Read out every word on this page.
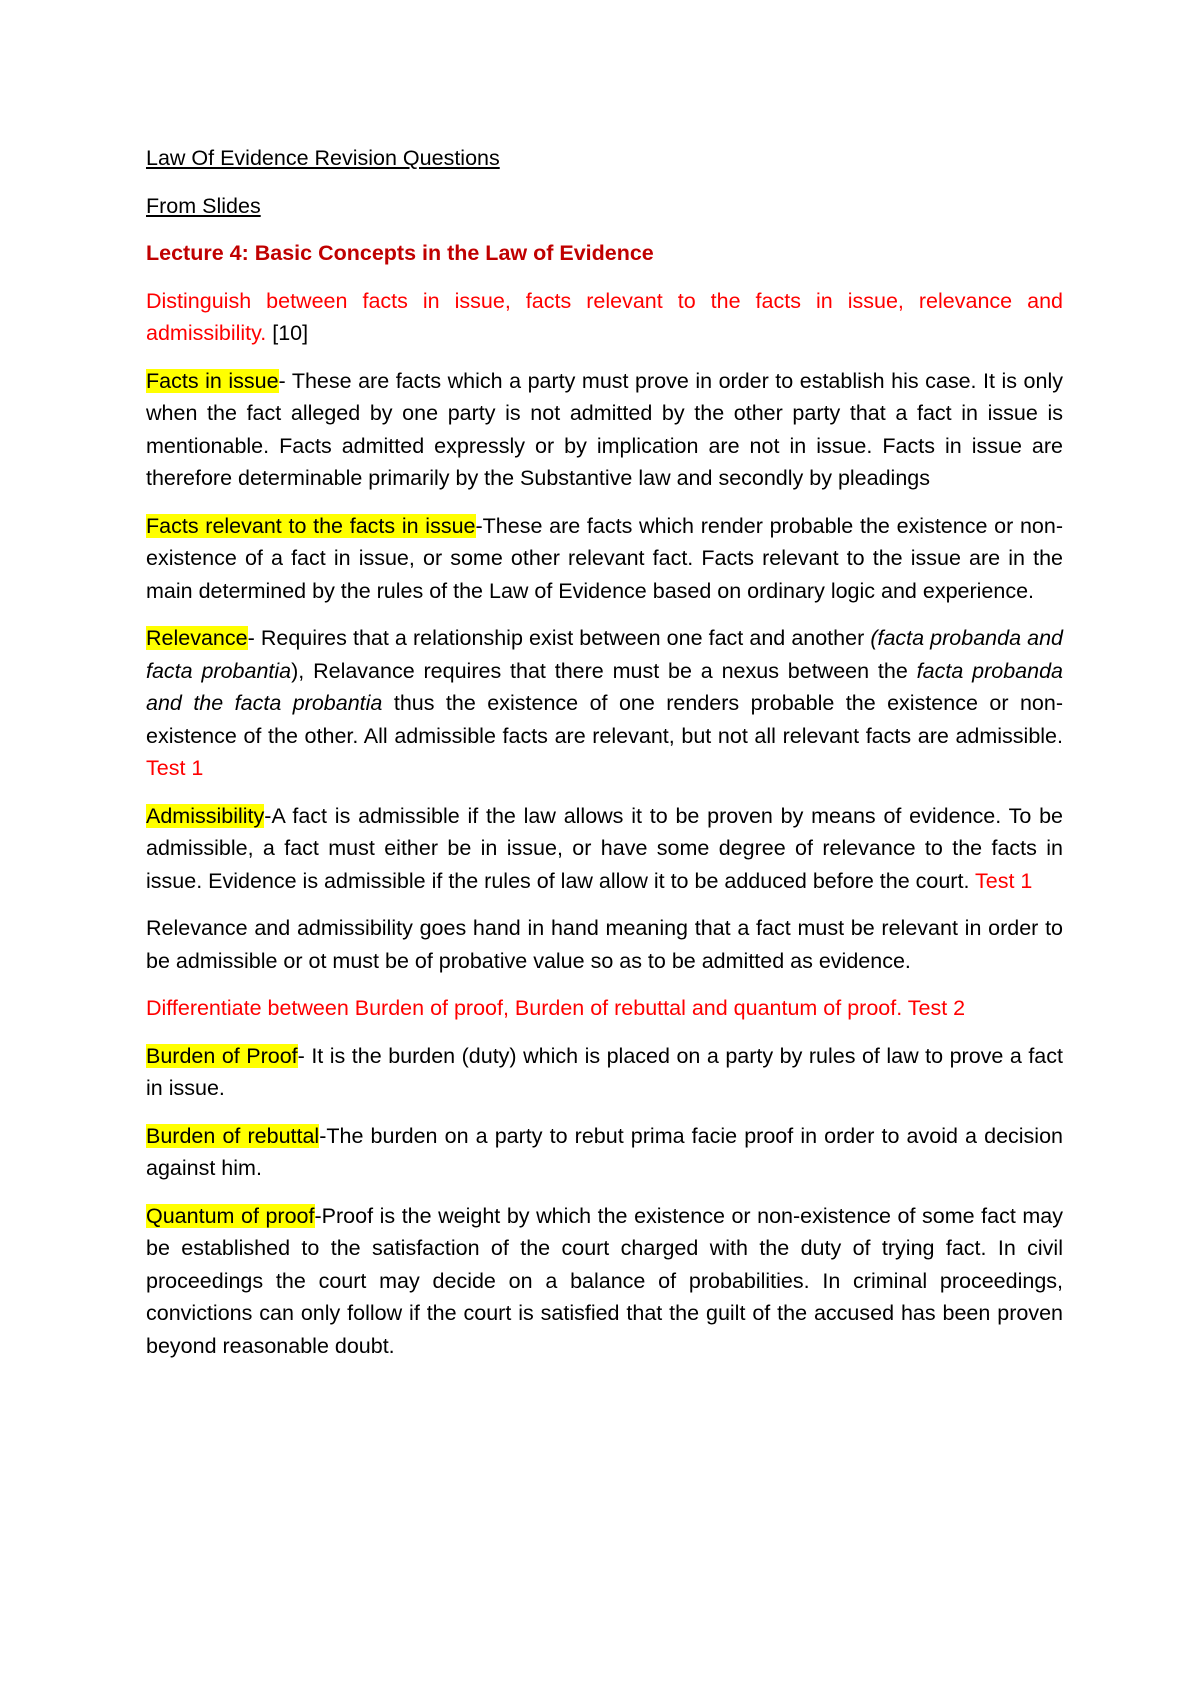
Law Of Evidence Revision Questions

From Slides

Lecture 4: Basic Concepts in the Law of Evidence

Distinguish between facts in issue, facts relevant to the facts in issue, relevance and admissibility. [10]

Facts in issue- These are facts which a party must prove in order to establish his case. It is only when the fact alleged by one party is not admitted by the other party that a fact in issue is mentionable. Facts admitted expressly or by implication are not in issue. Facts in issue are therefore determinable primarily by the Substantive law and secondly by pleadings

Facts relevant to the facts in issue-These are facts which render probable the existence or non-existence of a fact in issue, or some other relevant fact. Facts relevant to the issue are in the main determined by the rules of the Law of Evidence based on ordinary logic and experience.

Relevance- Requires that a relationship exist between one fact and another (facta probanda and facta probantia), Relavance requires that there must be a nexus between the facta probanda and the facta probantia thus the existence of one renders probable the existence or non-existence of the other. All admissible facts are relevant, but not all relevant facts are admissible. Test 1

Admissibility-A fact is admissible if the law allows it to be proven by means of evidence. To be admissible, a fact must either be in issue, or have some degree of relevance to the facts in issue. Evidence is admissible if the rules of law allow it to be adduced before the court. Test 1

Relevance and admissibility goes hand in hand meaning that a fact must be relevant in order to be admissible or ot must be of probative value so as to be admitted as evidence.

Differentiate between Burden of proof, Burden of rebuttal and quantum of proof. Test 2

Burden of Proof- It is the burden (duty) which is placed on a party by rules of law to prove a fact in issue.

Burden of rebuttal-The burden on a party to rebut prima facie proof in order to avoid a decision against him.

Quantum of proof-Proof is the weight by which the existence or non-existence of some fact may be established to the satisfaction of the court charged with the duty of trying fact. In civil proceedings the court may decide on a balance of probabilities. In criminal proceedings, convictions can only follow if the court is satisfied that the guilt of the accused has been proven beyond reasonable doubt.
